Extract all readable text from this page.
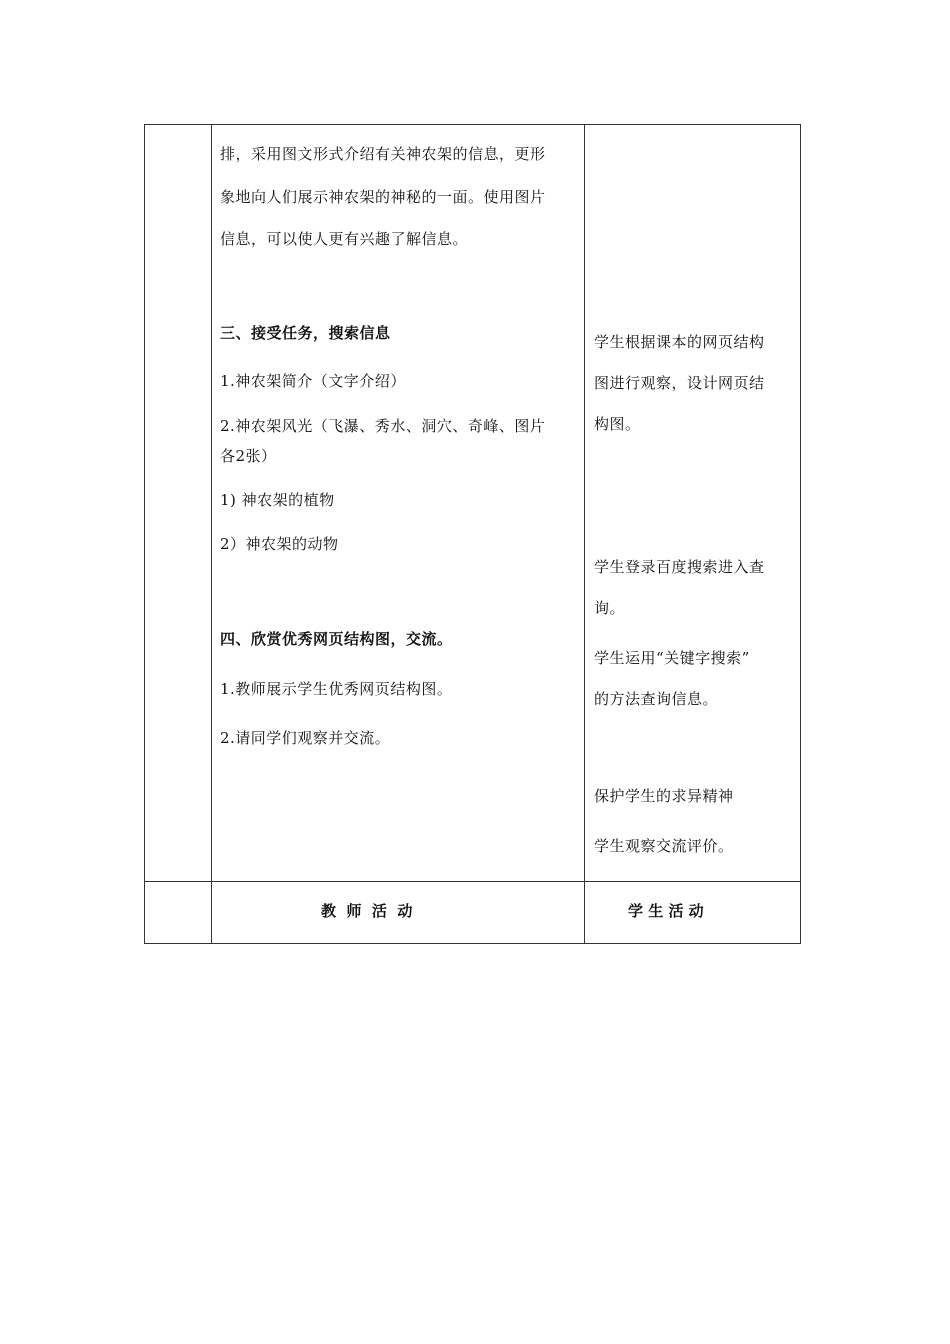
排，采用图文形式介绍有关神农架的信息，更形
象地向人们展示神农架的神秘的一面。使用图片
信息，可以使人更有兴趣了解信息。
三、接受任务，搜索信息
1.神农架简介（文字介绍）
2.神农架风光（飞瀑、秀水、洞穴、奇峰、图片
各2张）
1) 神农架的植物
2）神农架的动物
四、欣赏优秀网页结构图，交流。
1.教师展示学生优秀网页结构图。
2.请同学们观察并交流。
学生根据课本的网页结构
图进行观察，设计网页结
构图。
学生登录百度搜索进入查
询。
学生运用“关键字搜索”
的方法查询信息。
保护学生的求异精神
学生观察交流评价。
教  师  活  动	学 生 活 动
